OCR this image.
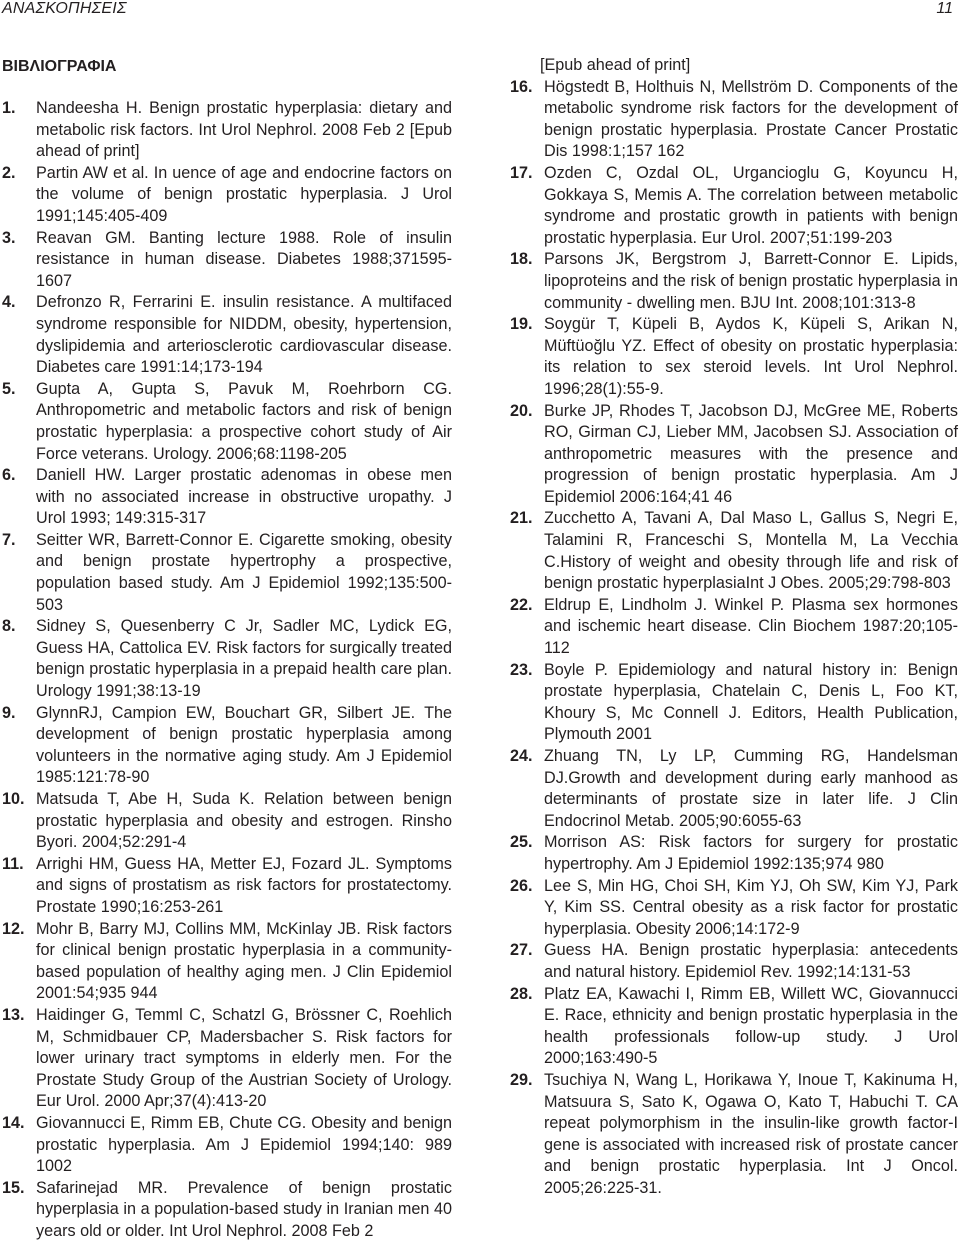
ΑΝΑΣΚΟΠΗΣΕΙΣ	11
ΒΙΒΛΙΟΓΡΑΦΙΑ
1. Nandeesha H. Benign prostatic hyperplasia: dietary and metabolic risk factors. Int Urol Nephrol. 2008 Feb 2 [Epub ahead of print]
2. Partin AW et al. In uence of age and endocrine factors on the volume of benign prostatic hyperplasia. J Urol 1991;145:405-409
3. Reavan GM. Banting lecture 1988. Role of insulin resistance in human disease. Diabetes 1988;371595-1607
4. Defronzo R, Ferrarini E. insulin resistance. A multifaced syndrome responsible for NIDDM, obesity, hypertension, dyslipidemia and arteriosclerotic cardiovascular disease. Diabetes care 1991:14;173-194
5. Gupta A, Gupta S, Pavuk M, Roehrborn CG. Anthropometric and metabolic factors and risk of benign prostatic hyperplasia: a prospective cohort study of Air Force veterans. Urology. 2006;68:1198-205
6. Daniell HW. Larger prostatic adenomas in obese men with no associated increase in obstructive uropathy. J Urol 1993; 149:315-317
7. Seitter WR, Barrett-Connor E. Cigarette smoking, obesity and benign prostate hypertrophy a prospective, population based study. Am J Epidemiol 1992;135:500-503
8. Sidney S, Quesenberry C Jr, Sadler MC, Lydick EG, Guess HA, Cattolica EV. Risk factors for surgically treated benign prostatic hyperplasia in a prepaid health care plan. Urology 1991;38:13-19
9. GlynnRJ, Campion EW, Bouchart GR, Silbert JE. The development of benign prostatic hyperplasia among volunteers in the normative aging study. Am J Epidemiol 1985:121:78-90
10. Matsuda T, Abe H, Suda K. Relation between benign prostatic hyperplasia and obesity and estrogen. Rinsho Byori. 2004;52:291-4
11. Arrighi HM, Guess HA, Metter EJ, Fozard JL. Symptoms and signs of prostatism as risk factors for prostatectomy. Prostate 1990;16:253-261
12. Mohr B, Barry MJ, Collins MM, McKinlay JB. Risk factors for clinical benign prostatic hyperplasia in a community-based population of healthy aging men. J Clin Epidemiol 2001:54;935 944
13. Haidinger G, Temml C, Schatzl G, Brössner C, Roehlich M, Schmidbauer CP, Madersbacher S. Risk factors for lower urinary tract symptoms in elderly men. For the Prostate Study Group of the Austrian Society of Urology. Eur Urol. 2000 Apr;37(4):413-20
14. Giovannucci E, Rimm EB, Chute CG. Obesity and benign prostatic hyperplasia. Am J Epidemiol 1994;140: 989 1002
15. Safarinejad MR. Prevalence of benign prostatic hyperplasia in a population-based study in Iranian men 40 years old or older. Int Urol Nephrol. 2008 Feb 2
[Epub ahead of print]
16. Högstedt B, Holthuis N, Mellström D. Components of the metabolic syndrome risk factors for the development of benign prostatic hyperplasia. Prostate Cancer Prostatic Dis 1998:1;157 162
17. Ozden C, Ozdal OL, Urgancioglu G, Koyuncu H, Gokkaya S, Memis A. The correlation between metabolic syndrome and prostatic growth in patients with benign prostatic hyperplasia. Eur Urol. 2007;51:199-203
18. Parsons JK, Bergstrom J, Barrett-Connor E. Lipids, lipoproteins and the risk of benign prostatic hyperplasia in community - dwelling men. BJU Int. 2008;101:313-8
19. Soygür T, Küpeli B, Aydos K, Küpeli S, Arikan N, Müftüoğlu YZ. Effect of obesity on prostatic hyperplasia: its relation to sex steroid levels. Int Urol Nephrol. 1996;28(1):55-9.
20. Burke JP, Rhodes T, Jacobson DJ, McGree ME, Roberts RO, Girman CJ, Lieber MM, Jacobsen SJ. Association of anthropometric measures with the presence and progression of benign prostatic hyperplasia. Am J Epidemiol 2006:164;41 46
21. Zucchetto A, Tavani A, Dal Maso L, Gallus S, Negri E, Talamini R, Franceschi S, Montella M, La Vecchia C.History of weight and obesity through life and risk of benign prostatic hyperplasiaInt J Obes. 2005;29:798-803
22. Eldrup E, Lindholm J. Winkel P. Plasma sex hormones and ischemic heart disease. Clin Biochem 1987:20;105-112
23. Boyle P. Epidemiology and natural history in: Benign prostate hyperplasia, Chatelain C, Denis L, Foo KT, Khoury S, Mc Connell J. Editors, Health Publication, Plymouth 2001
24. Zhuang TN, Ly LP, Cumming RG, Handelsman DJ.Growth and development during early manhood as determinants of prostate size in later life. J Clin Endocrinol Metab. 2005;90:6055-63
25. Morrison AS: Risk factors for surgery for prostatic hypertrophy. Am J Epidemiol 1992:135;974 980
26. Lee S, Min HG, Choi SH, Kim YJ, Oh SW, Kim YJ, Park Y, Kim SS. Central obesity as a risk factor for prostatic hyperplasia. Obesity 2006;14:172-9
27. Guess HA. Benign prostatic hyperplasia: antecedents and natural history. Epidemiol Rev. 1992;14:131-53
28. Platz EA, Kawachi I, Rimm EB, Willett WC, Giovannucci E. Race, ethnicity and benign prostatic hyperplasia in the health professionals follow-up study. J Urol 2000;163:490-5
29. Tsuchiya N, Wang L, Horikawa Y, Inoue T, Kakinuma H, Matsuura S, Sato K, Ogawa O, Kato T, Habuchi T. CA repeat polymorphism in the insulin-like growth factor-I gene is associated with increased risk of prostate cancer and benign prostatic hyperplasia. Int J Oncol. 2005;26:225-31.
